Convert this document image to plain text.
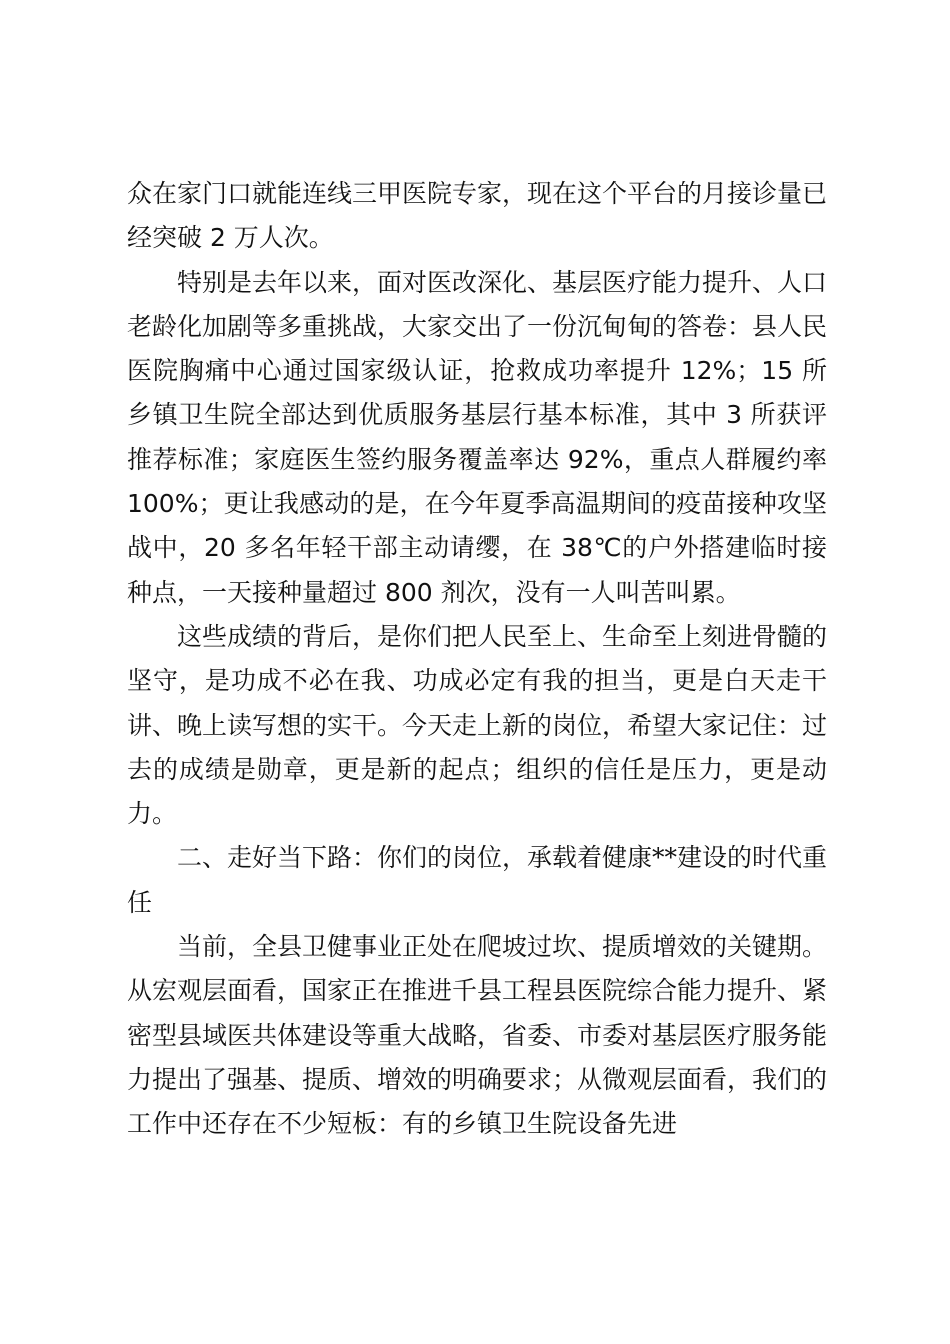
众在家门口就能连线三甲医院专家，现在这个平台的月接诊量已经突破 2 万人次。

特别是去年以来，面对医改深化、基层医疗能力提升、人口老龄化加剧等多重挑战，大家交出了一份沉甸甸的答卷：县人民医院胸痛中心通过国家级认证，抢救成功率提升 12%；15 所乡镇卫生院全部达到优质服务基层行基本标准，其中 3 所获评推荐标准；家庭医生签约服务覆盖率达 92%，重点人群履约率 100%；更让我感动的是，在今年夏季高温期间的疫苗接种攻坚战中，20 多名年轻干部主动请缨，在 38℃的户外搭建临时接种点，一天接种量超过 800 剂次，没有一人叫苦叫累。

这些成绩的背后，是你们把人民至上、生命至上刻进骨髓的坚守，是功成不必在我、功成必定有我的担当，更是白天走干讲、晚上读写想的实干。今天走上新的岗位，希望大家记住：过去的成绩是勋章，更是新的起点；组织的信任是压力，更是动力。

二、走好当下路：你们的岗位，承载着健康**建设的时代重任

当前，全县卫健事业正处在爬坡过坎、提质增效的关键期。从宏观层面看，国家正在推进千县工程县医院综合能力提升、紧密型县域医共体建设等重大战略，省委、市委对基层医疗服务能力提出了强基、提质、增效的明确要求；从微观层面看，我们的工作中还存在不少短板：有的乡镇卫生院设备先进
